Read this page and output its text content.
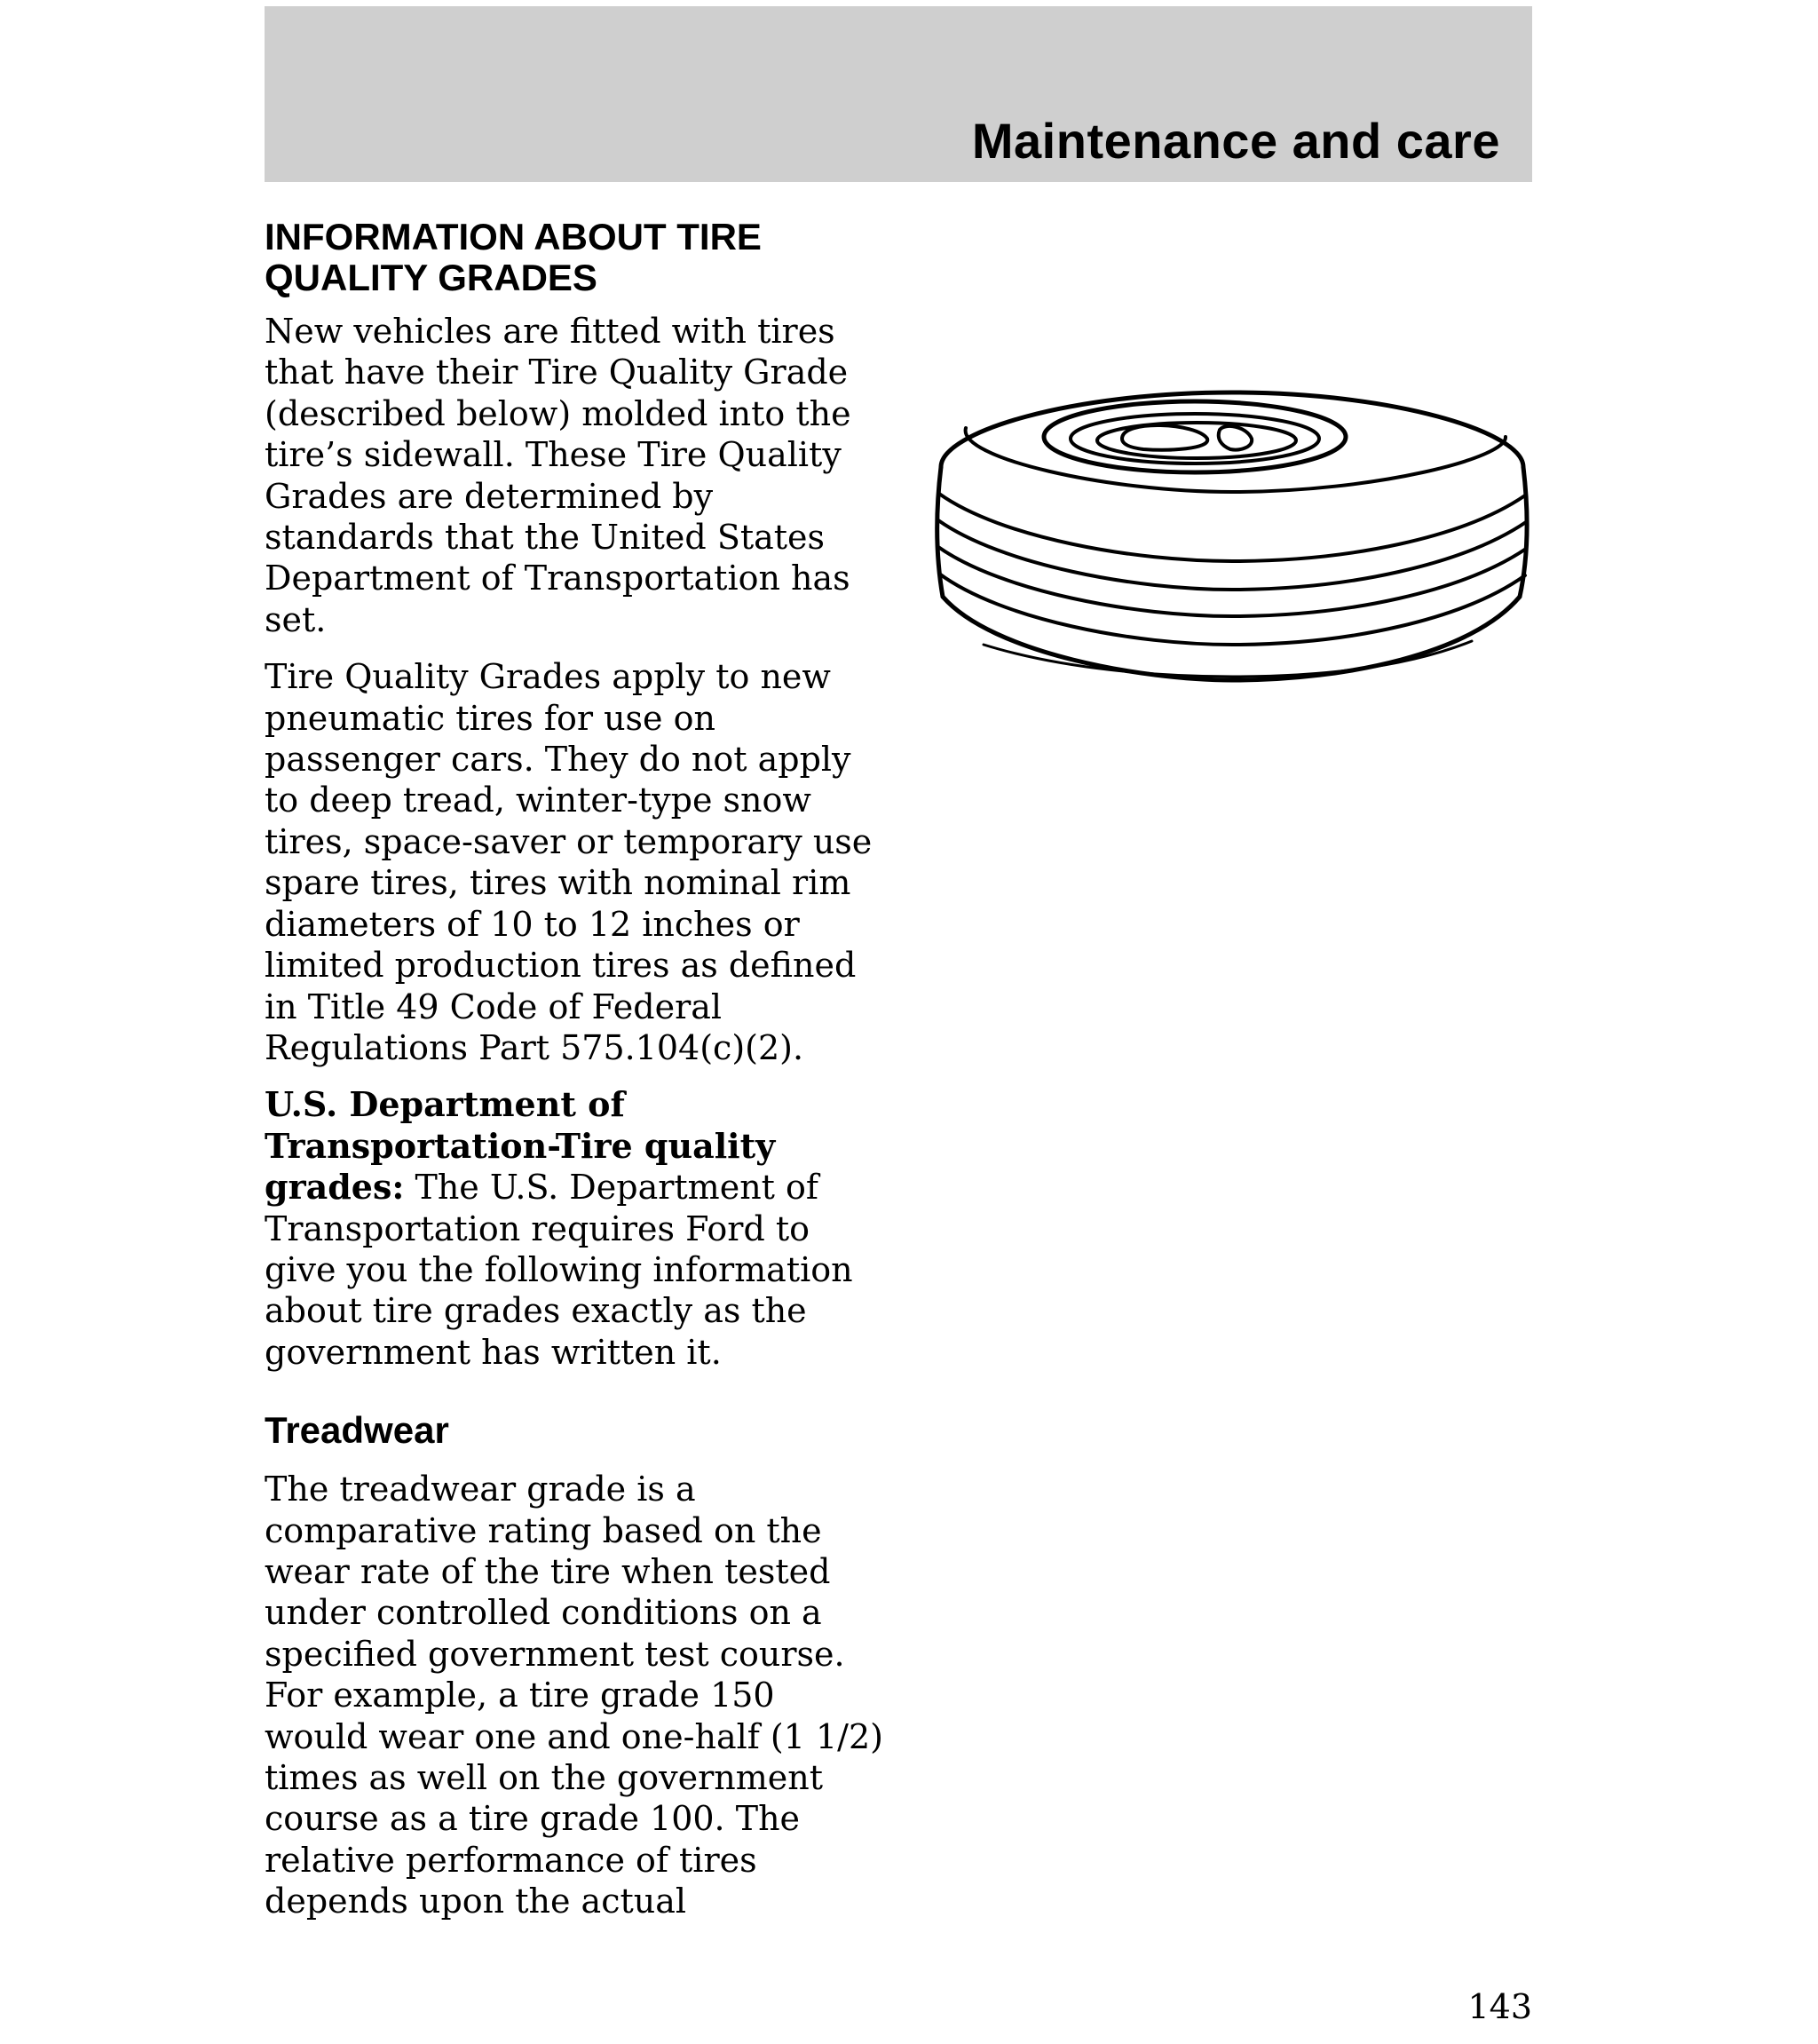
Maintenance and care
INFORMATION ABOUT TIRE QUALITY GRADES

New vehicles are fitted with tires that have their Tire Quality Grade (described below) molded into the tire’s sidewall. These Tire Quality Grades are determined by standards that the United States Department of Transportation has set.

Tire Quality Grades apply to new pneumatic tires for use on passenger cars. They do not apply to deep tread, winter-type snow tires, space-saver or temporary use spare tires, tires with nominal rim diameters of 10 to 12 inches or limited production tires as defined in Title 49 Code of Federal Regulations Part 575.104(c)(2).

U.S. Department of Transportation-Tire quality grades: The U.S. Department of Transportation requires Ford to give you the following information about tire grades exactly as the government has written it.

Treadwear

The treadwear grade is a comparative rating based on the wear rate of the tire when tested under controlled conditions on a specified government test course. For example, a tire grade 150 would wear one and one-half (1 1/2) times as well on the government course as a tire grade 100. The relative performance of tires depends upon the actual

143
